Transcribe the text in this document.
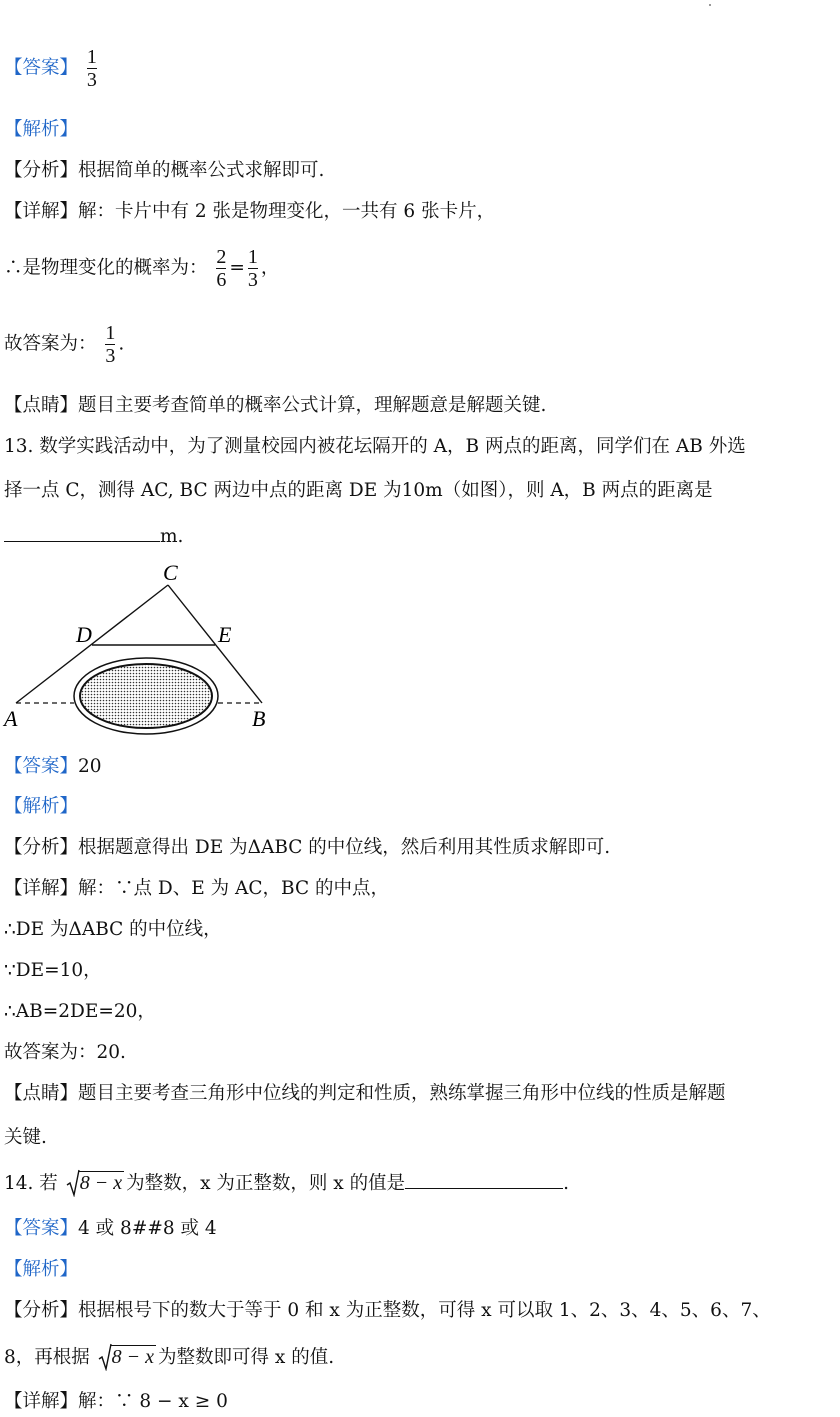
【答案】 $\frac{1}{3}$
【解析】
【分析】根据简单的概率公式求解即可.
【详解】解：卡片中有 2 张是物理变化，一共有 6 张卡片，
∴是物理变化的概率为： $\frac{2}{6} = \frac{1}{3}$ ，
故答案为： $\frac{1}{3}$ .
【点睛】题目主要考查简单的概率公式计算，理解题意是解题关键.
13. 数学实践活动中，为了测量校园内被花坛隔开的 A，B 两点的距离，同学们在 AB 外选
择一点 C，测得 AC, BC 两边中点的距离 DE 为10m（如图），则 A，B 两点的距离是
m.
C
D	E
A	B
【答案】20
【解析】
【分析】根据题意得出 DE 为ΔABC 的中位线，然后利用其性质求解即可.
【详解】解：∵点 D、E 为 AC，BC 的中点，
∴DE 为ΔABC 的中位线，
∵DE=10，
∴AB=2DE=20，
故答案为：20.
【点睛】题目主要考查三角形中位线的判定和性质，熟练掌握三角形中位线的性质是解题
关键.
14. 若 8 − x 为整数，x 为正整数，则 x 的值是	.
【答案】4 或 8##8 或 4
【解析】
【分析】根据根号下的数大于等于 0 和 x 为正整数，可得 x 可以取 1、2、3、4、5、6、7、
8，再根据 8 − x 为整数即可得 x 的值.
【详解】解：∵ 8 − x ≥ 0
